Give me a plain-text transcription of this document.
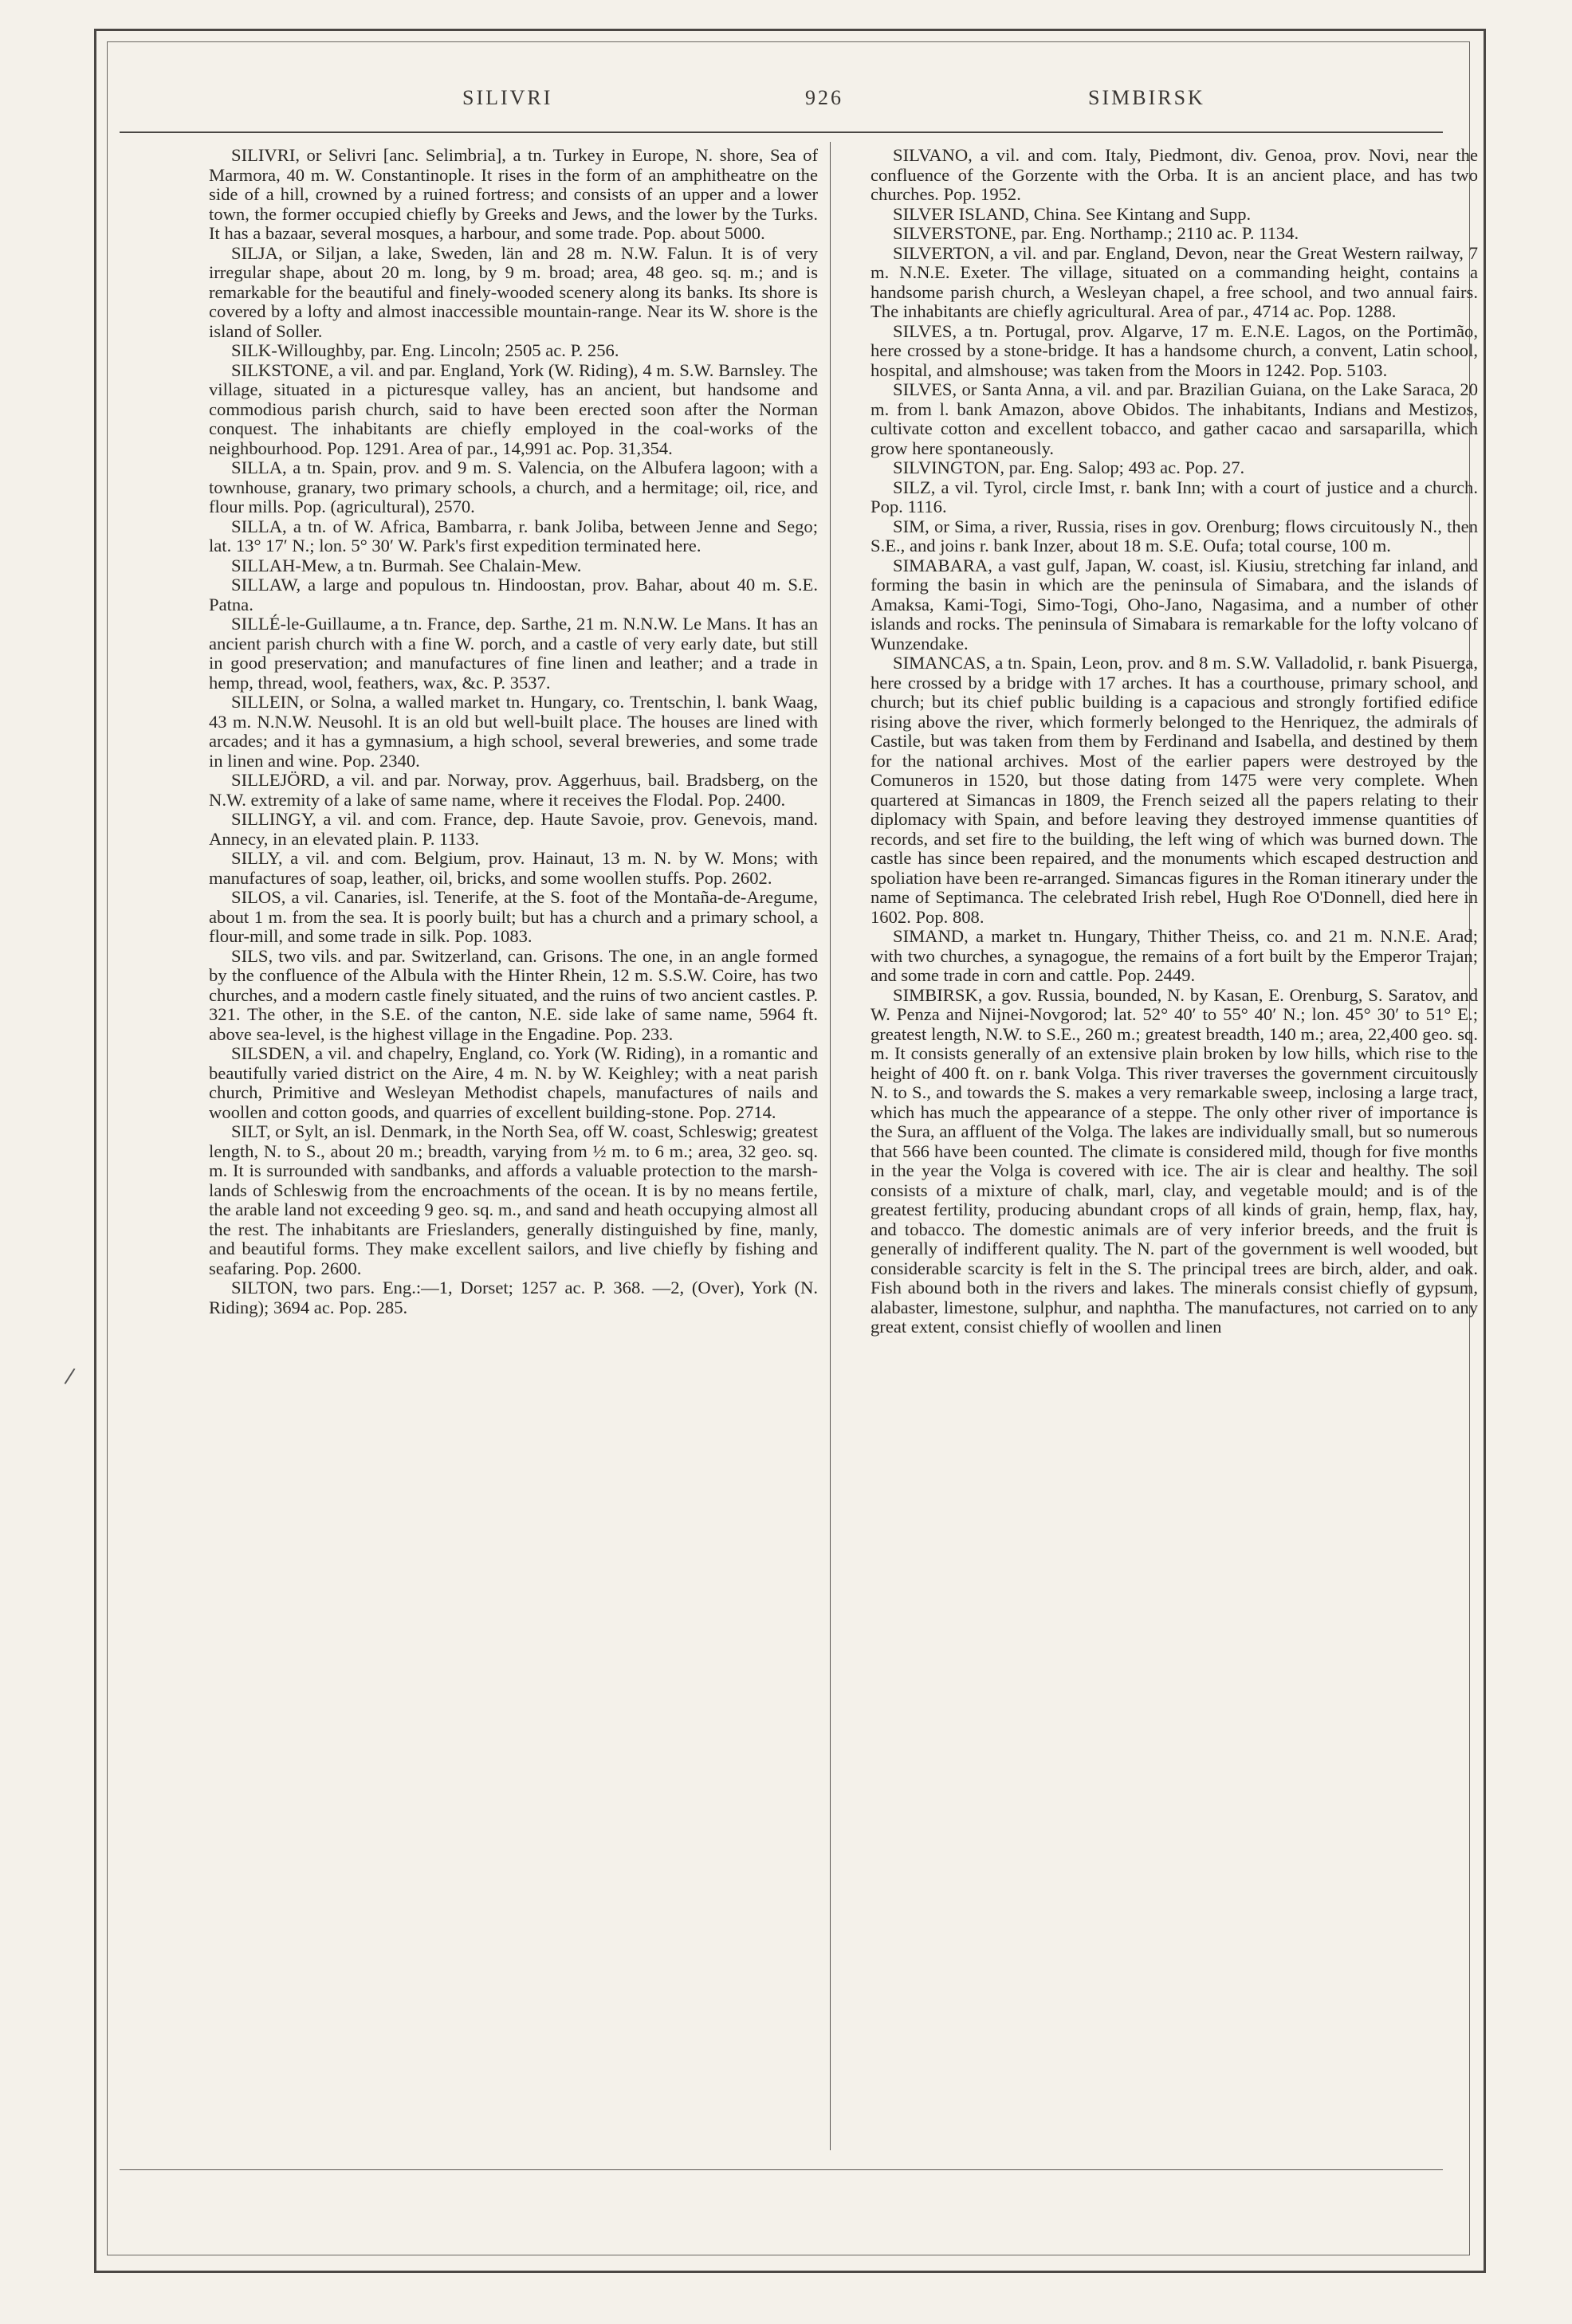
SILIVRI	926	SIMBIRSK

SILIVRI, or Selivri [anc. Selimbria], a tn. Turkey in Europe, N. shore, Sea of Marmora, 40 m. W. Constantinople. It rises in the form of an amphitheatre on the side of a hill, crowned by a ruined fortress; and consists of an upper and a lower town, the former occupied chiefly by Greeks and Jews, and the lower by the Turks. It has a bazaar, several mosques, a harbour, and some trade. Pop. about 5000.

SILJA, or Siljan, a lake, Sweden, län and 28 m. N.W. Falun. It is of very irregular shape, about 20 m. long, by 9 m. broad; area, 48 geo. sq. m.; and is remarkable for the beautiful and finely-wooded scenery along its banks. Its shore is covered by a lofty and almost inaccessible mountain-range. Near its W. shore is the island of Soller.

SILK-Willoughby, par. Eng. Lincoln; 2505 ac. P. 256.

SILKSTONE, a vil. and par. England, York (W. Riding), 4 m. S.W. Barnsley. The village, situated in a picturesque valley, has an ancient, but handsome and commodious parish church, said to have been erected soon after the Norman conquest. The inhabitants are chiefly employed in the coal-works of the neighbourhood. Pop. 1291. Area of par., 14,991 ac. Pop. 31,354.

SILLA, a tn. Spain, prov. and 9 m. S. Valencia, on the Albufera lagoon; with a townhouse, granary, two primary schools, a church, and a hermitage; oil, rice, and flour mills. Pop. (agricultural), 2570.

SILLA, a tn. of W. Africa, Bambarra, r. bank Joliba, between Jenne and Sego; lat. 13° 17′ N.; lon. 5° 30′ W. Park's first expedition terminated here.

SILLAH-Mew, a tn. Burmah. See Chalain-Mew.

SILLAW, a large and populous tn. Hindoostan, prov. Bahar, about 40 m. S.E. Patna.

SILLÉ-le-Guillaume, a tn. France, dep. Sarthe, 21 m. N.N.W. Le Mans. It has an ancient parish church with a fine W. porch, and a castle of very early date, but still in good preservation; and manufactures of fine linen and leather; and a trade in hemp, thread, wool, feathers, wax, &c. P. 3537.

SILLEIN, or Solna, a walled market tn. Hungary, co. Trentschin, l. bank Waag, 43 m. N.N.W. Neusohl. It is an old but well-built place. The houses are lined with arcades; and it has a gymnasium, a high school, several breweries, and some trade in linen and wine. Pop. 2340.

SILLEJÖRD, a vil. and par. Norway, prov. Aggerhuus, bail. Bradsberg, on the N.W. extremity of a lake of same name, where it receives the Flodal. Pop. 2400.

SILLINGY, a vil. and com. France, dep. Haute Savoie, prov. Genevois, mand. Annecy, in an elevated plain. P. 1133.

SILLY, a vil. and com. Belgium, prov. Hainaut, 13 m. N. by W. Mons; with manufactures of soap, leather, oil, bricks, and some woollen stuffs. Pop. 2602.

SILOS, a vil. Canaries, isl. Tenerife, at the S. foot of the Montaña-de-Aregume, about 1 m. from the sea. It is poorly built; but has a church and a primary school, a flour-mill, and some trade in silk. Pop. 1083.

SILS, two vils. and par. Switzerland, can. Grisons. The one, in an angle formed by the confluence of the Albula with the Hinter Rhein, 12 m. S.S.W. Coire, has two churches, and a modern castle finely situated, and the ruins of two ancient castles. P. 321. The other, in the S.E. of the canton, N.E. side lake of same name, 5964 ft. above sea-level, is the highest village in the Engadine. Pop. 233.

SILSDEN, a vil. and chapelry, England, co. York (W. Riding), in a romantic and beautifully varied district on the Aire, 4 m. N. by W. Keighley; with a neat parish church, Primitive and Wesleyan Methodist chapels, manufactures of nails and woollen and cotton goods, and quarries of excellent building-stone. Pop. 2714.

SILT, or Sylt, an isl. Denmark, in the North Sea, off W. coast, Schleswig; greatest length, N. to S., about 20 m.; breadth, varying from ½ m. to 6 m.; area, 32 geo. sq. m. It is surrounded with sandbanks, and affords a valuable protection to the marsh-lands of Schleswig from the encroachments of the ocean. It is by no means fertile, the arable land not exceeding 9 geo. sq. m., and sand and heath occupying almost all the rest. The inhabitants are Frieslanders, generally distinguished by fine, manly, and beautiful forms. They make excellent sailors, and live chiefly by fishing and seafaring. Pop. 2600.

SILTON, two pars. Eng.:—1, Dorset; 1257 ac. P. 368. —2, (Over), York (N. Riding); 3694 ac. Pop. 285.

SILVANO, a vil. and com. Italy, Piedmont, div. Genoa, prov. Novi, near the confluence of the Gorzente with the Orba. It is an ancient place, and has two churches. Pop. 1952.

SILVER ISLAND, China. See Kintang and Supp.

SILVERSTONE, par. Eng. Northamp.; 2110 ac. P. 1134.

SILVERTON, a vil. and par. England, Devon, near the Great Western railway, 7 m. N.N.E. Exeter. The village, situated on a commanding height, contains a handsome parish church, a Wesleyan chapel, a free school, and two annual fairs. The inhabitants are chiefly agricultural. Area of par., 4714 ac. Pop. 1288.

SILVES, a tn. Portugal, prov. Algarve, 17 m. E.N.E. Lagos, on the Portimão, here crossed by a stone-bridge. It has a handsome church, a convent, Latin school, hospital, and almshouse; was taken from the Moors in 1242. Pop. 5103.

SILVES, or Santa Anna, a vil. and par. Brazilian Guiana, on the Lake Saraca, 20 m. from l. bank Amazon, above Obidos. The inhabitants, Indians and Mestizos, cultivate cotton and excellent tobacco, and gather cacao and sarsaparilla, which grow here spontaneously.

SILVINGTON, par. Eng. Salop; 493 ac. Pop. 27.

SILZ, a vil. Tyrol, circle Imst, r. bank Inn; with a court of justice and a church. Pop. 1116.

SIM, or Sima, a river, Russia, rises in gov. Orenburg; flows circuitously N., then S.E., and joins r. bank Inzer, about 18 m. S.E. Oufa; total course, 100 m.

SIMABARA, a vast gulf, Japan, W. coast, isl. Kiusiu, stretching far inland, and forming the basin in which are the peninsula of Simabara, and the islands of Amaksa, Kami-Togi, Simo-Togi, Oho-Jano, Nagasima, and a number of other islands and rocks. The peninsula of Simabara is remarkable for the lofty volcano of Wunzendake.

SIMANCAS, a tn. Spain, Leon, prov. and 8 m. S.W. Valladolid, r. bank Pisuerga, here crossed by a bridge with 17 arches. It has a courthouse, primary school, and church; but its chief public building is a capacious and strongly fortified edifice rising above the river, which formerly belonged to the Henriquez, the admirals of Castile, but was taken from them by Ferdinand and Isabella, and destined by them for the national archives. Most of the earlier papers were destroyed by the Comuneros in 1520, but those dating from 1475 were very complete. When quartered at Simancas in 1809, the French seized all the papers relating to their diplomacy with Spain, and before leaving they destroyed immense quantities of records, and set fire to the building, the left wing of which was burned down. The castle has since been repaired, and the monuments which escaped destruction and spoliation have been re-arranged. Simancas figures in the Roman itinerary under the name of Septimanca. The celebrated Irish rebel, Hugh Roe O'Donnell, died here in 1602. Pop. 808.

SIMAND, a market tn. Hungary, Thither Theiss, co. and 21 m. N.N.E. Arad; with two churches, a synagogue, the remains of a fort built by the Emperor Trajan; and some trade in corn and cattle. Pop. 2449.

SIMBIRSK, a gov. Russia, bounded, N. by Kasan, E. Orenburg, S. Saratov, and W. Penza and Nijnei-Novgorod; lat. 52° 40′ to 55° 40′ N.; lon. 45° 30′ to 51° E.; greatest length, N.W. to S.E., 260 m.; greatest breadth, 140 m.; area, 22,400 geo. sq. m. It consists generally of an extensive plain broken by low hills, which rise to the height of 400 ft. on r. bank Volga. This river traverses the government circuitously N. to S., and towards the S. makes a very remarkable sweep, inclosing a large tract, which has much the appearance of a steppe. The only other river of importance is the Sura, an affluent of the Volga. The lakes are individually small, but so numerous that 566 have been counted. The climate is considered mild, though for five months in the year the Volga is covered with ice. The air is clear and healthy. The soil consists of a mixture of chalk, marl, clay, and vegetable mould; and is of the greatest fertility, producing abundant crops of all kinds of grain, hemp, flax, hay, and tobacco. The domestic animals are of very inferior breeds, and the fruit is generally of indifferent quality. The N. part of the government is well wooded, but considerable scarcity is felt in the S. The principal trees are birch, alder, and oak. Fish abound both in the rivers and lakes. The minerals consist chiefly of gypsum, alabaster, limestone, sulphur, and naphtha. The manufactures, not carried on to any great extent, consist chiefly of woollen and linen

/
